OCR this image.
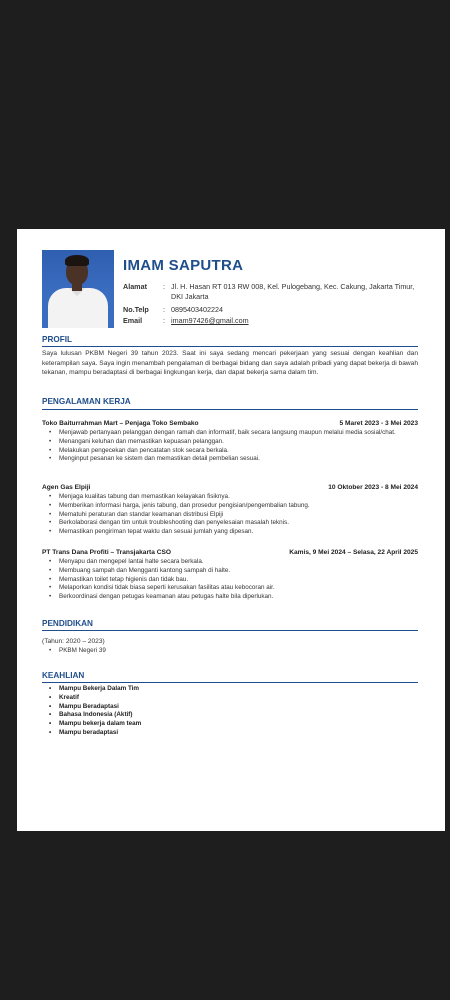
IMAM SAPUTRA
Alamat : Jl. H. Hasan RT 013 RW 008, Kel. Pulogebang, Kec. Cakung, Jakarta Timur, DKI Jakarta
No.Telp : 0895403402224
Email	: imam97426@gmail.com
PROFIL
Saya lulusan PKBM Negeri 39 tahun 2023. Saat ini saya sedang mencari pekerjaan yang sesuai dengan keahlian dan keterampilan saya. Saya ingin menambah pengalaman di berbagai bidang dan saya adalah pribadi yang dapat bekerja di bawah tekanan, mampu beradaptasi di berbagai lingkungan kerja, dan dapat bekerja sama dalam tim.
PENGALAMAN KERJA
Toko Baiturrahman Mart – Penjaga Toko Sembako	5 Maret 2023 - 3 Mei 2023
• Menjawab pertanyaan pelanggan dengan ramah dan informatif, baik secara langsung maupun melalui media sosial/chat.
• Menangani keluhan dan memastikan kepuasan pelanggan.
• Melakukan pengecekan dan pencatatan stok secara berkala.
• Menginput pesanan ke sistem dan memastikan detail pembelian sesuai.
Agen Gas Elpiji	10 Oktober 2023 - 8 Mei 2024
• Menjaga kualitas tabung dan memastikan kelayakan fisiknya.
• Memberikan informasi harga, jenis tabung, dan prosedur pengisian/pengembalian tabung.
• Mematuhi peraturan dan standar keamanan distribusi Elpiji
• Berkolaborasi dengan tim untuk troubleshooting dan penyelesaian masalah teknis.
• Memastikan pengiriman tepat waktu dan sesuai jumlah yang dipesan.
PT Trans Dana Profiti – Transjakarta CSO	Kamis, 9 Mei 2024 – Selasa, 22 April 2025
• Menyapu dan mengepel lantai halte secara berkala.
• Membuang sampah dan Mengganti kantong sampah di halte.
• Memastikan toilet tetap higienis dan tidak bau.
• Melaporkan kondisi tidak biasa seperti kerusakan fasilitas atau kebocoran air.
• Berkoordinasi dengan petugas keamanan atau petugas halte bila diperlukan.
PENDIDIKAN
(Tahun: 2020 – 2023)
• PKBM Negeri 39
KEAHLIAN
• Mampu Bekerja Dalam Tim
• Kreatif
• Mampu Beradaptasi
• Bahasa Indonesia (Aktif)
• Mampu bekerja dalam team
• Mampu beradaptasi
